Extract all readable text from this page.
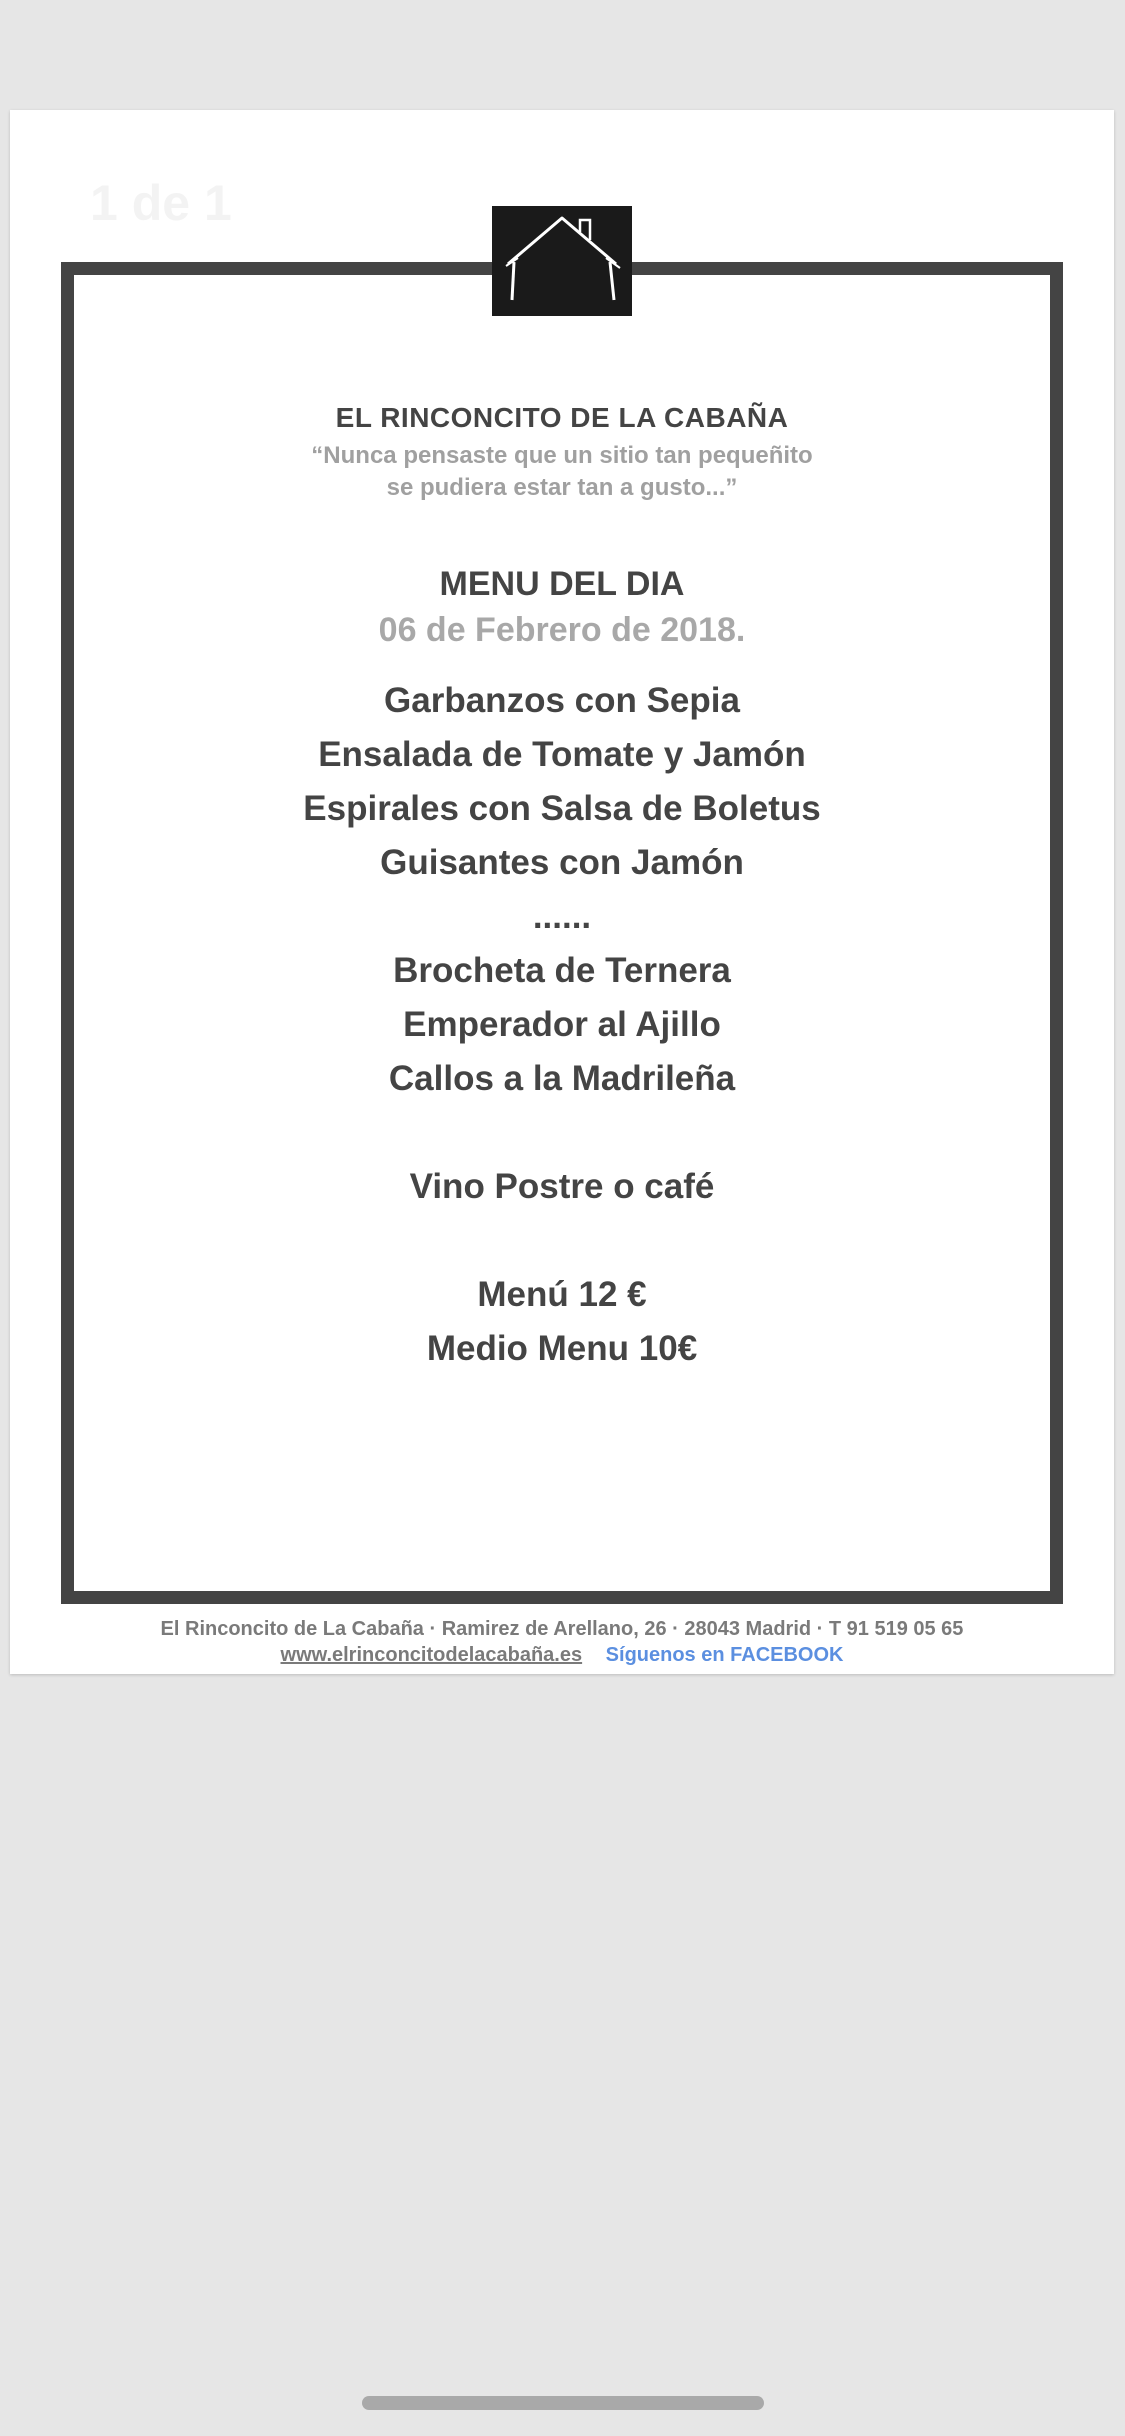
1 de 1

EL RINCONCITO DE LA CABAÑA

“Nunca pensaste que un sitio tan pequeñito
se pudiera estar tan a gusto...”

MENU DEL DIA

06 de Febrero de 2018.

Garbanzos con Sepia
Ensalada de Tomate y Jamón
Espirales con Salsa de Boletus
Guisantes con Jamón
......
Brocheta de Ternera
Emperador al Ajillo
Callos a la Madrileña
Vino Postre o café
Menú 12 €
Medio Menu 10€
El Rinconcito de La Cabaña · Ramirez de Arellano, 26 · 28043 Madrid · T 91 519 05 65
www.elrinconcitodelacabaña.es Síguenos en FACEBOOK
